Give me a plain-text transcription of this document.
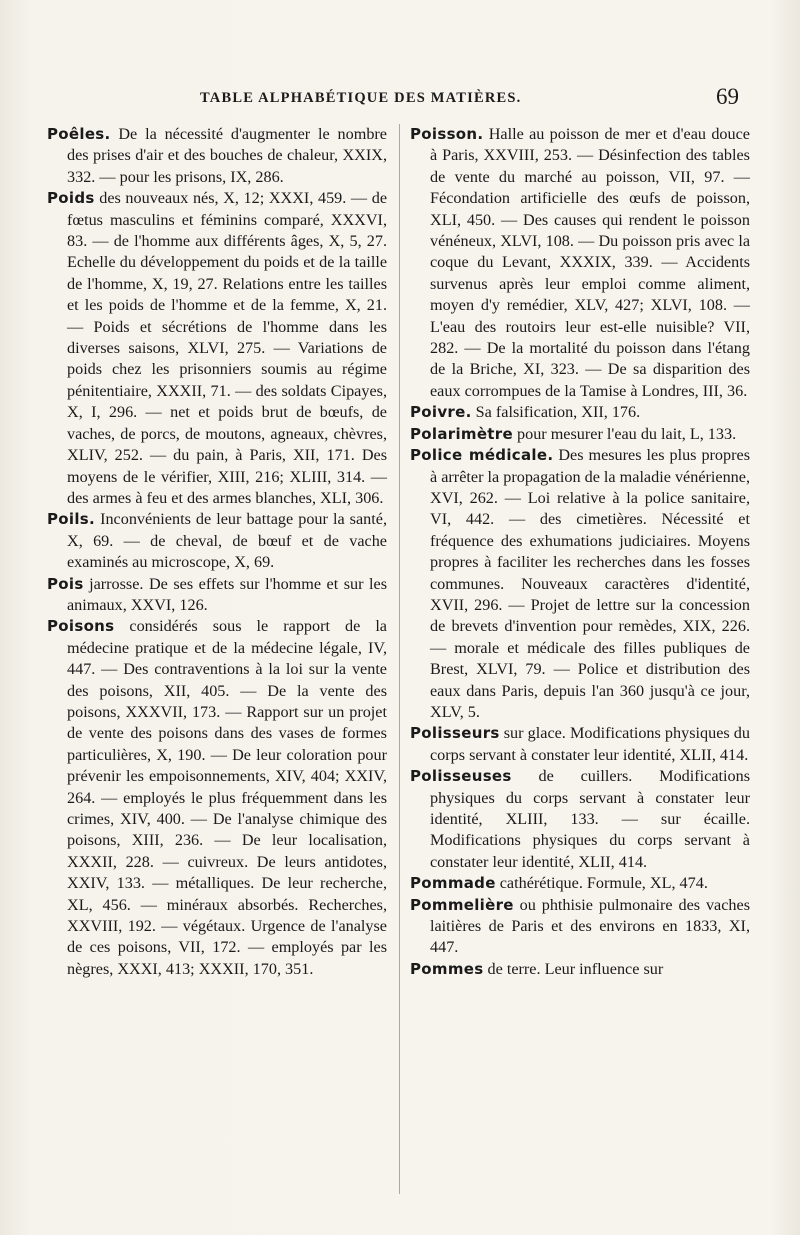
TABLE ALPHABÉTIQUE DES MATIÈRES.	69

Poêles. De la nécessité d'augmenter le nombre des prises d'air et des bouches de chaleur, XXIX, 332. — pour les prisons, IX, 286.

Poids des nouveaux nés, X, 12; XXXI, 459. — de fœtus masculins et féminins comparé, XXXVI, 83. — de l'homme aux différents âges, X, 5, 27. Echelle du développement du poids et de la taille de l'homme, X, 19, 27. Relations entre les tailles et les poids de l'homme et de la femme, X, 21. — Poids et sécrétions de l'homme dans les diverses saisons, XLVI, 275. — Variations de poids chez les prisonniers soumis au régime pénitentiaire, XXXII, 71. — des soldats Cipayes, X, I, 296. — net et poids brut de bœufs, de vaches, de porcs, de moutons, agneaux, chèvres, XLIV, 252. — du pain, à Paris, XII, 171. Des moyens de le vérifier, XIII, 216; XLIII, 314. — des armes à feu et des armes blanches, XLI, 306.

Poils. Inconvénients de leur battage pour la santé, X, 69. — de cheval, de bœuf et de vache examinés au microscope, X, 69.

Pois jarrosse. De ses effets sur l'homme et sur les animaux, XXVI, 126.

Poisons considérés sous le rapport de la médecine pratique et de la médecine légale, IV, 447. — Des contraventions à la loi sur la vente des poisons, XII, 405. — De la vente des poisons, XXXVII, 173. — Rapport sur un projet de vente des poisons dans des vases de formes particulières, X, 190. — De leur coloration pour prévenir les empoisonnements, XIV, 404; XXIV, 264. — employés le plus fréquemment dans les crimes, XIV, 400. — De l'analyse chimique des poisons, XIII, 236. — De leur localisation, XXXII, 228. — cuivreux. De leurs antidotes, XXIV, 133. — métalliques. De leur recherche, XL, 456. — minéraux absorbés. Recherches, XXVIII, 192. — végétaux. Urgence de l'analyse de ces poisons, VII, 172. — employés par les nègres, XXXI, 413; XXXII, 170, 351.

Poisson. Halle au poisson de mer et d'eau douce à Paris, XXVIII, 253. — Désinfection des tables de vente du marché au poisson, VII, 97. — Fécondation artificielle des œufs de poisson, XLI, 450. — Des causes qui rendent le poisson vénéneux, XLVI, 108. — Du poisson pris avec la coque du Levant, XXXIX, 339. — Accidents survenus après leur emploi comme aliment, moyen d'y remédier, XLV, 427; XLVI, 108. — L'eau des routoirs leur est-elle nuisible? VII, 282. — De la mortalité du poisson dans l'étang de la Briche, XI, 323. — De sa disparition des eaux corrompues de la Tamise à Londres, III, 36.

Poivre. Sa falsification, XII, 176.

Polarimètre pour mesurer l'eau du lait, L, 133.

Police médicale. Des mesures les plus propres à arrêter la propagation de la maladie vénérienne, XVI, 262. — Loi relative à la police sanitaire, VI, 442. — des cimetières. Nécessité et fréquence des exhumations judiciaires. Moyens propres à faciliter les recherches dans les fosses communes. Nouveaux caractères d'identité, XVII, 296. — Projet de lettre sur la concession de brevets d'invention pour remèdes, XIX, 226. — morale et médicale des filles publiques de Brest, XLVI, 79. — Police et distribution des eaux dans Paris, depuis l'an 360 jusqu'à ce jour, XLV, 5.

Polisseurs sur glace. Modifications physiques du corps servant à constater leur identité, XLII, 414.

Polisseuses de cuillers. Modifications physiques du corps servant à constater leur identité, XLIII, 133. — sur écaille. Modifications physiques du corps servant à constater leur identité, XLII, 414.

Pommade cathérétique. Formule, XL, 474.

Pommelière ou phthisie pulmonaire des vaches laitières de Paris et des environs en 1833, XI, 447.

Pommes de terre. Leur influence sur
